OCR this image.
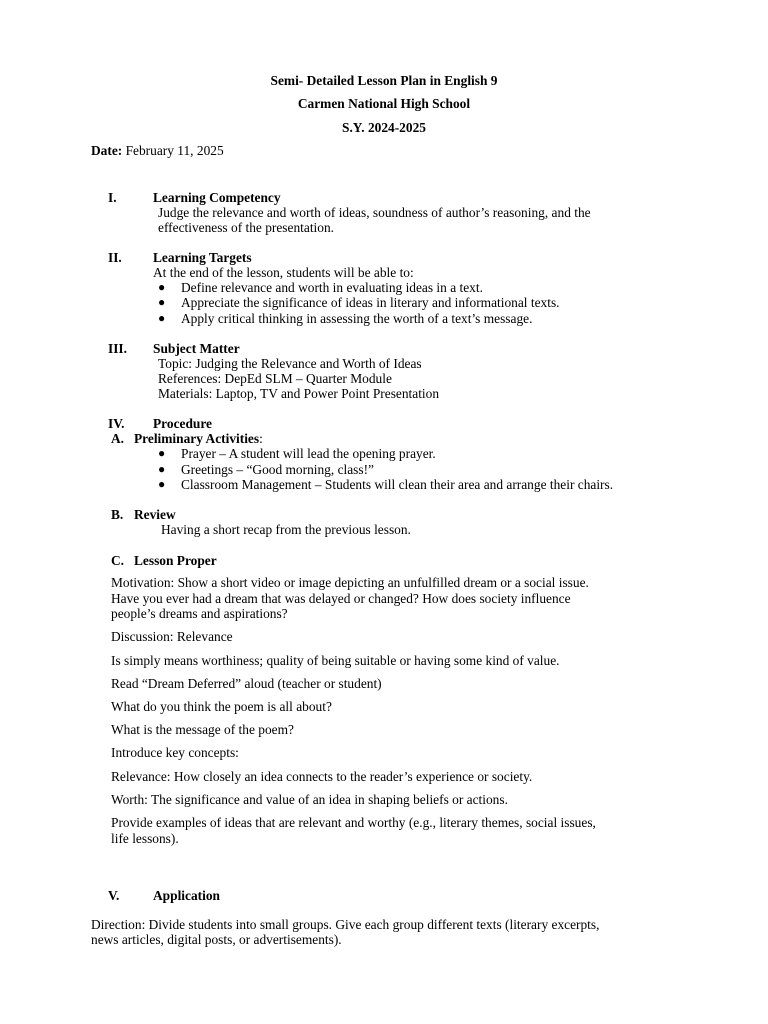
Semi- Detailed Lesson Plan in English 9
Carmen National High School
S.Y. 2024-2025
Date: February 11, 2025
I.	Learning Competency
Judge the relevance and worth of ideas, soundness of author’s reasoning, and the
effectiveness of the presentation.
II. Learning Targets
At the end of the lesson, students will be able to:
● Define relevance and worth in evaluating ideas in a text.
● Appreciate the significance of ideas in literary and informational texts.
● Apply critical thinking in assessing the worth of a text’s message.
III. Subject Matter
Topic: Judging the Relevance and Worth of Ideas
References: DepEd SLM – Quarter Module
Materials: Laptop, TV and Power Point Presentation
IV. Procedure
A. Preliminary Activities:
● Prayer – A student will lead the opening prayer.
● Greetings – “Good morning, class!”
● Classroom Management – Students will clean their area and arrange their chairs.
B. Review
Having a short recap from the previous lesson.
C. Lesson Proper
Motivation: Show a short video or image depicting an unfulfilled dream or a social issue.
Have you ever had a dream that was delayed or changed? How does society influence
people’s dreams and aspirations?
Discussion: Relevance
Is simply means worthiness; quality of being suitable or having some kind of value.
Read “Dream Deferred” aloud (teacher or student)
What do you think the poem is all about?
What is the message of the poem?
Introduce key concepts:
Relevance: How closely an idea connects to the reader’s experience or society.
Worth: The significance and value of an idea in shaping beliefs or actions.
Provide examples of ideas that are relevant and worthy (e.g., literary themes, social issues,
life lessons).
V.	Application
Direction: Divide students into small groups. Give each group different texts (literary excerpts,
news articles, digital posts, or advertisements).
